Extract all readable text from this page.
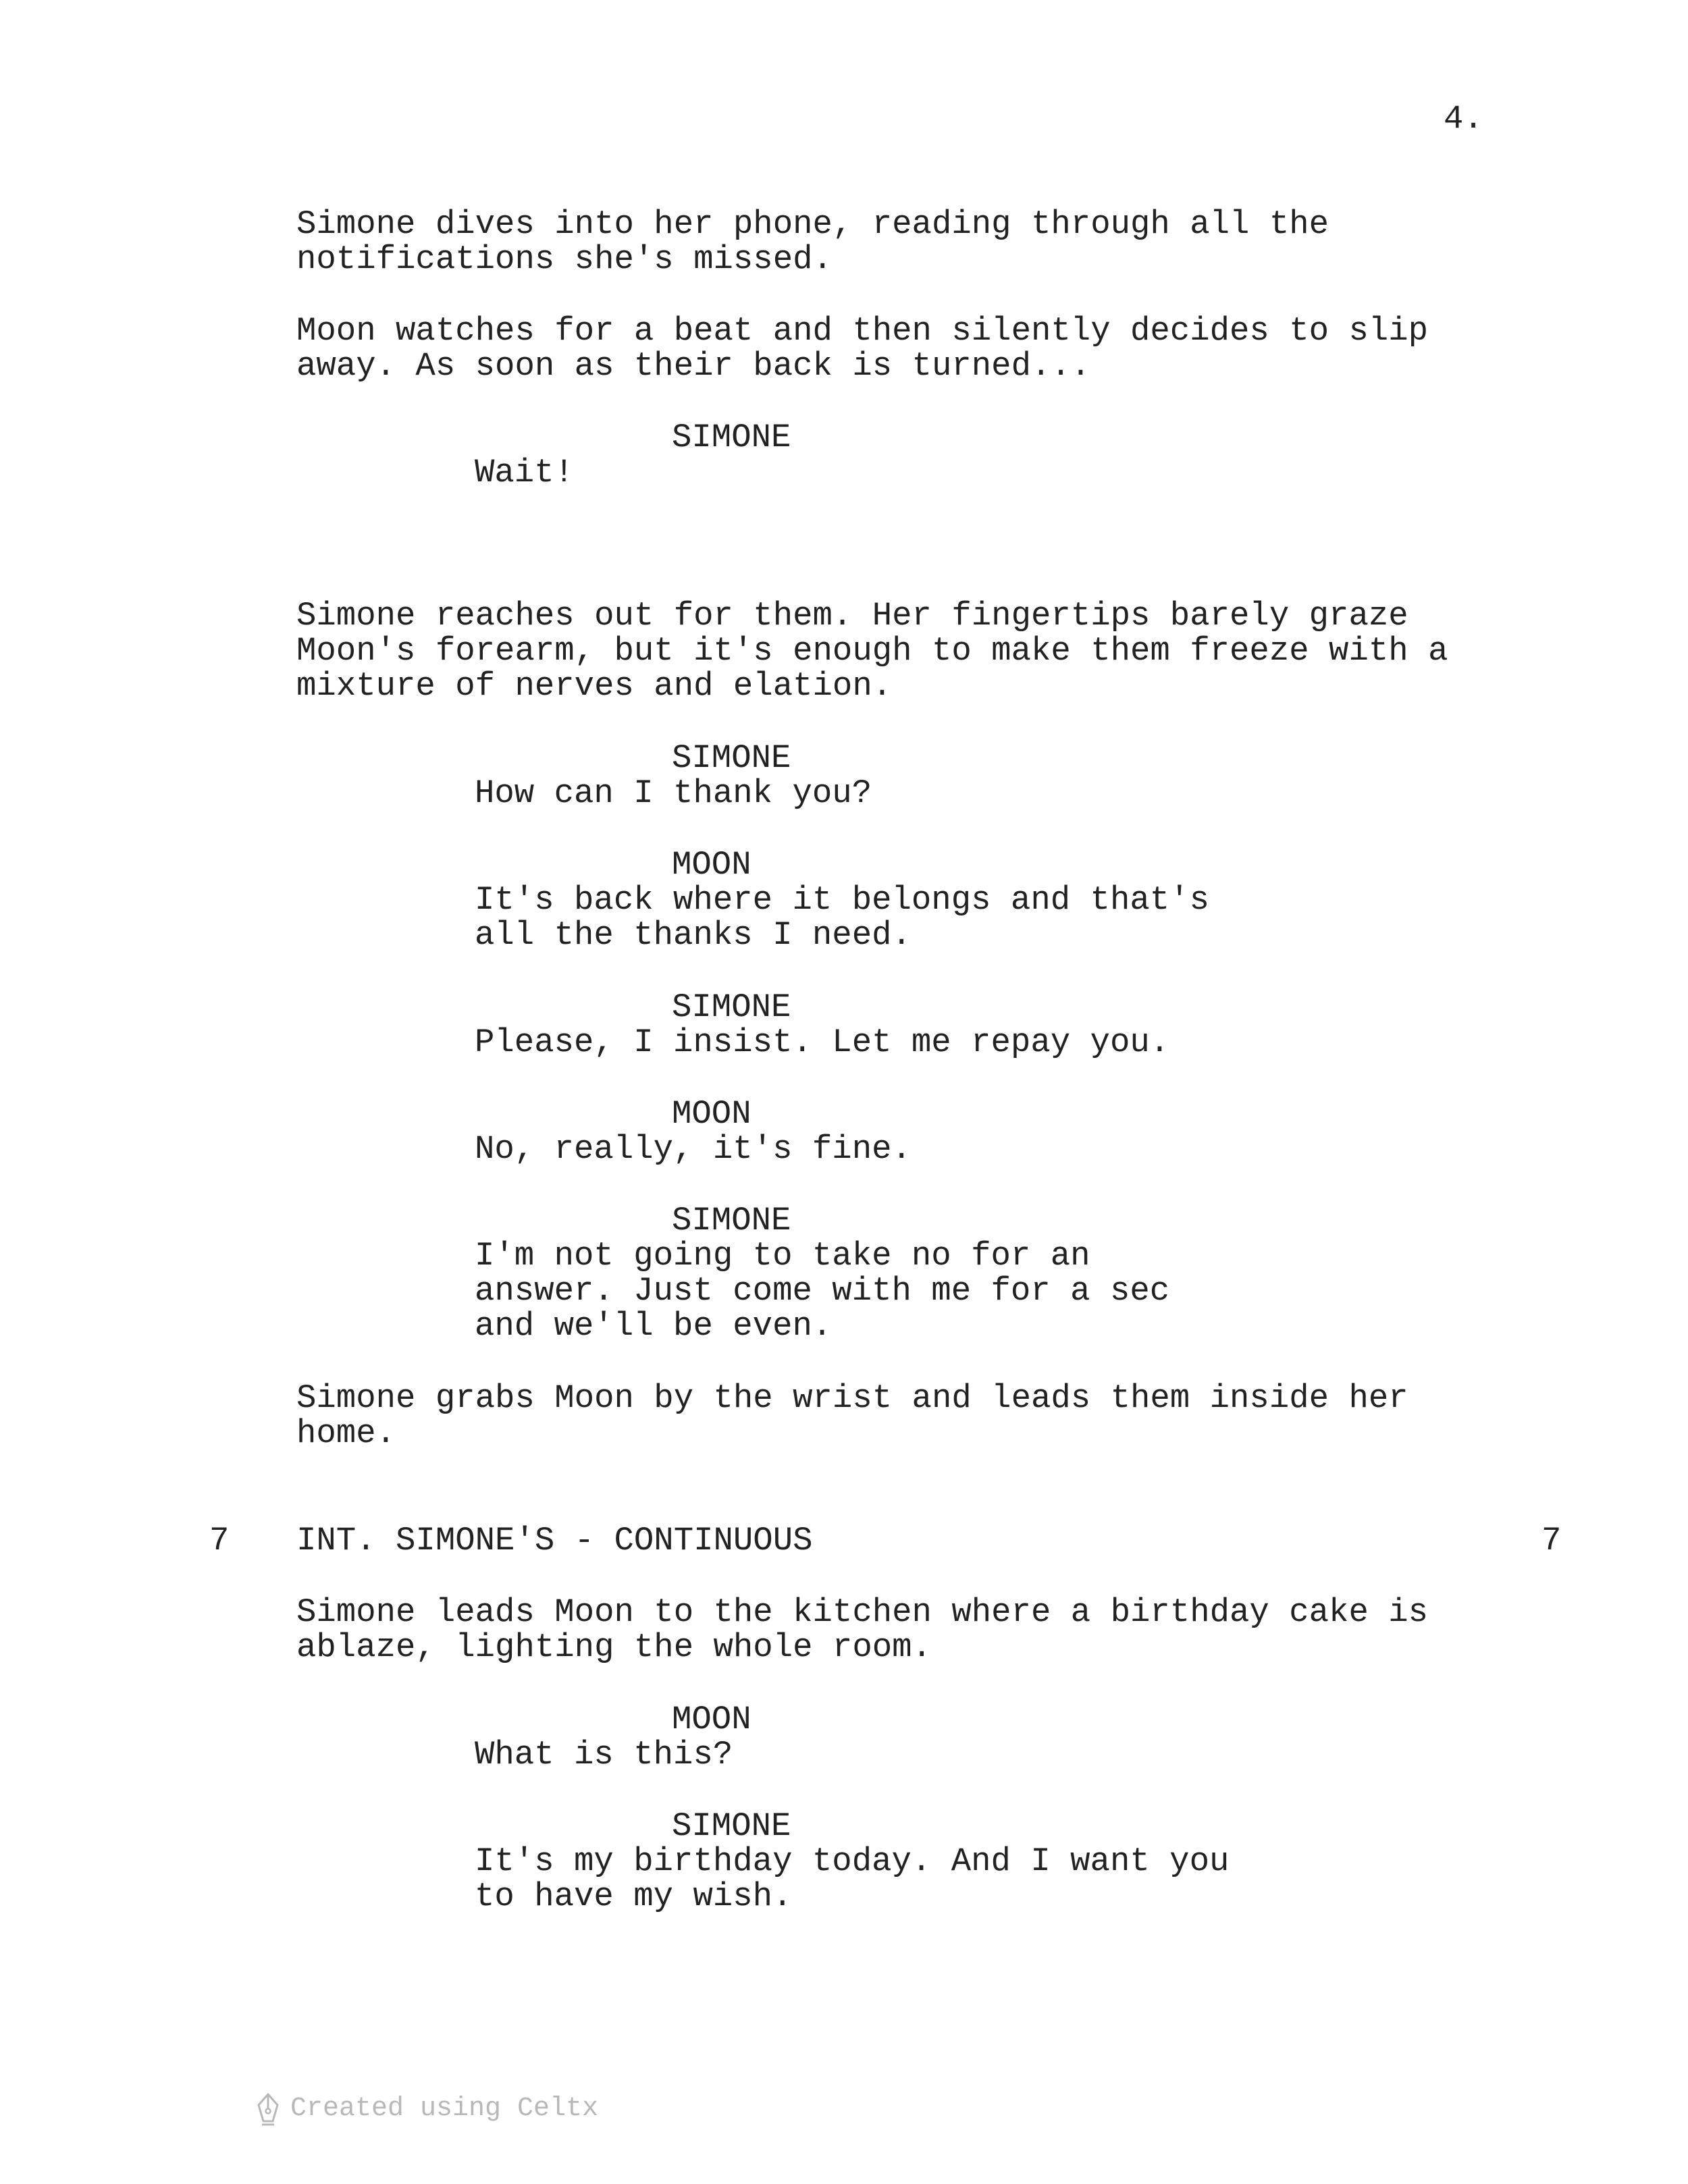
4.
Simone dives into her phone, reading through all the
notifications she's missed.
Moon watches for a beat and then silently decides to slip
away. As soon as their back is turned...
SIMONE
Wait!
Simone reaches out for them. Her fingertips barely graze
Moon's forearm, but it's enough to make them freeze with a
mixture of nerves and elation.
SIMONE
How can I thank you?
MOON
It's back where it belongs and that's
all the thanks I need.
SIMONE
Please, I insist. Let me repay you.
MOON
No, really, it's fine.
SIMONE
I'm not going to take no for an
answer. Just come with me for a sec
and we'll be even.
Simone grabs Moon by the wrist and leads them inside her
home.
7 INT. SIMONE'S - CONTINUOUS	7
Simone leads Moon to the kitchen where a birthday cake is
ablaze, lighting the whole room.
MOON
What is this?
SIMONE
It's my birthday today. And I want you
to have my wish.
Created using Celtx
